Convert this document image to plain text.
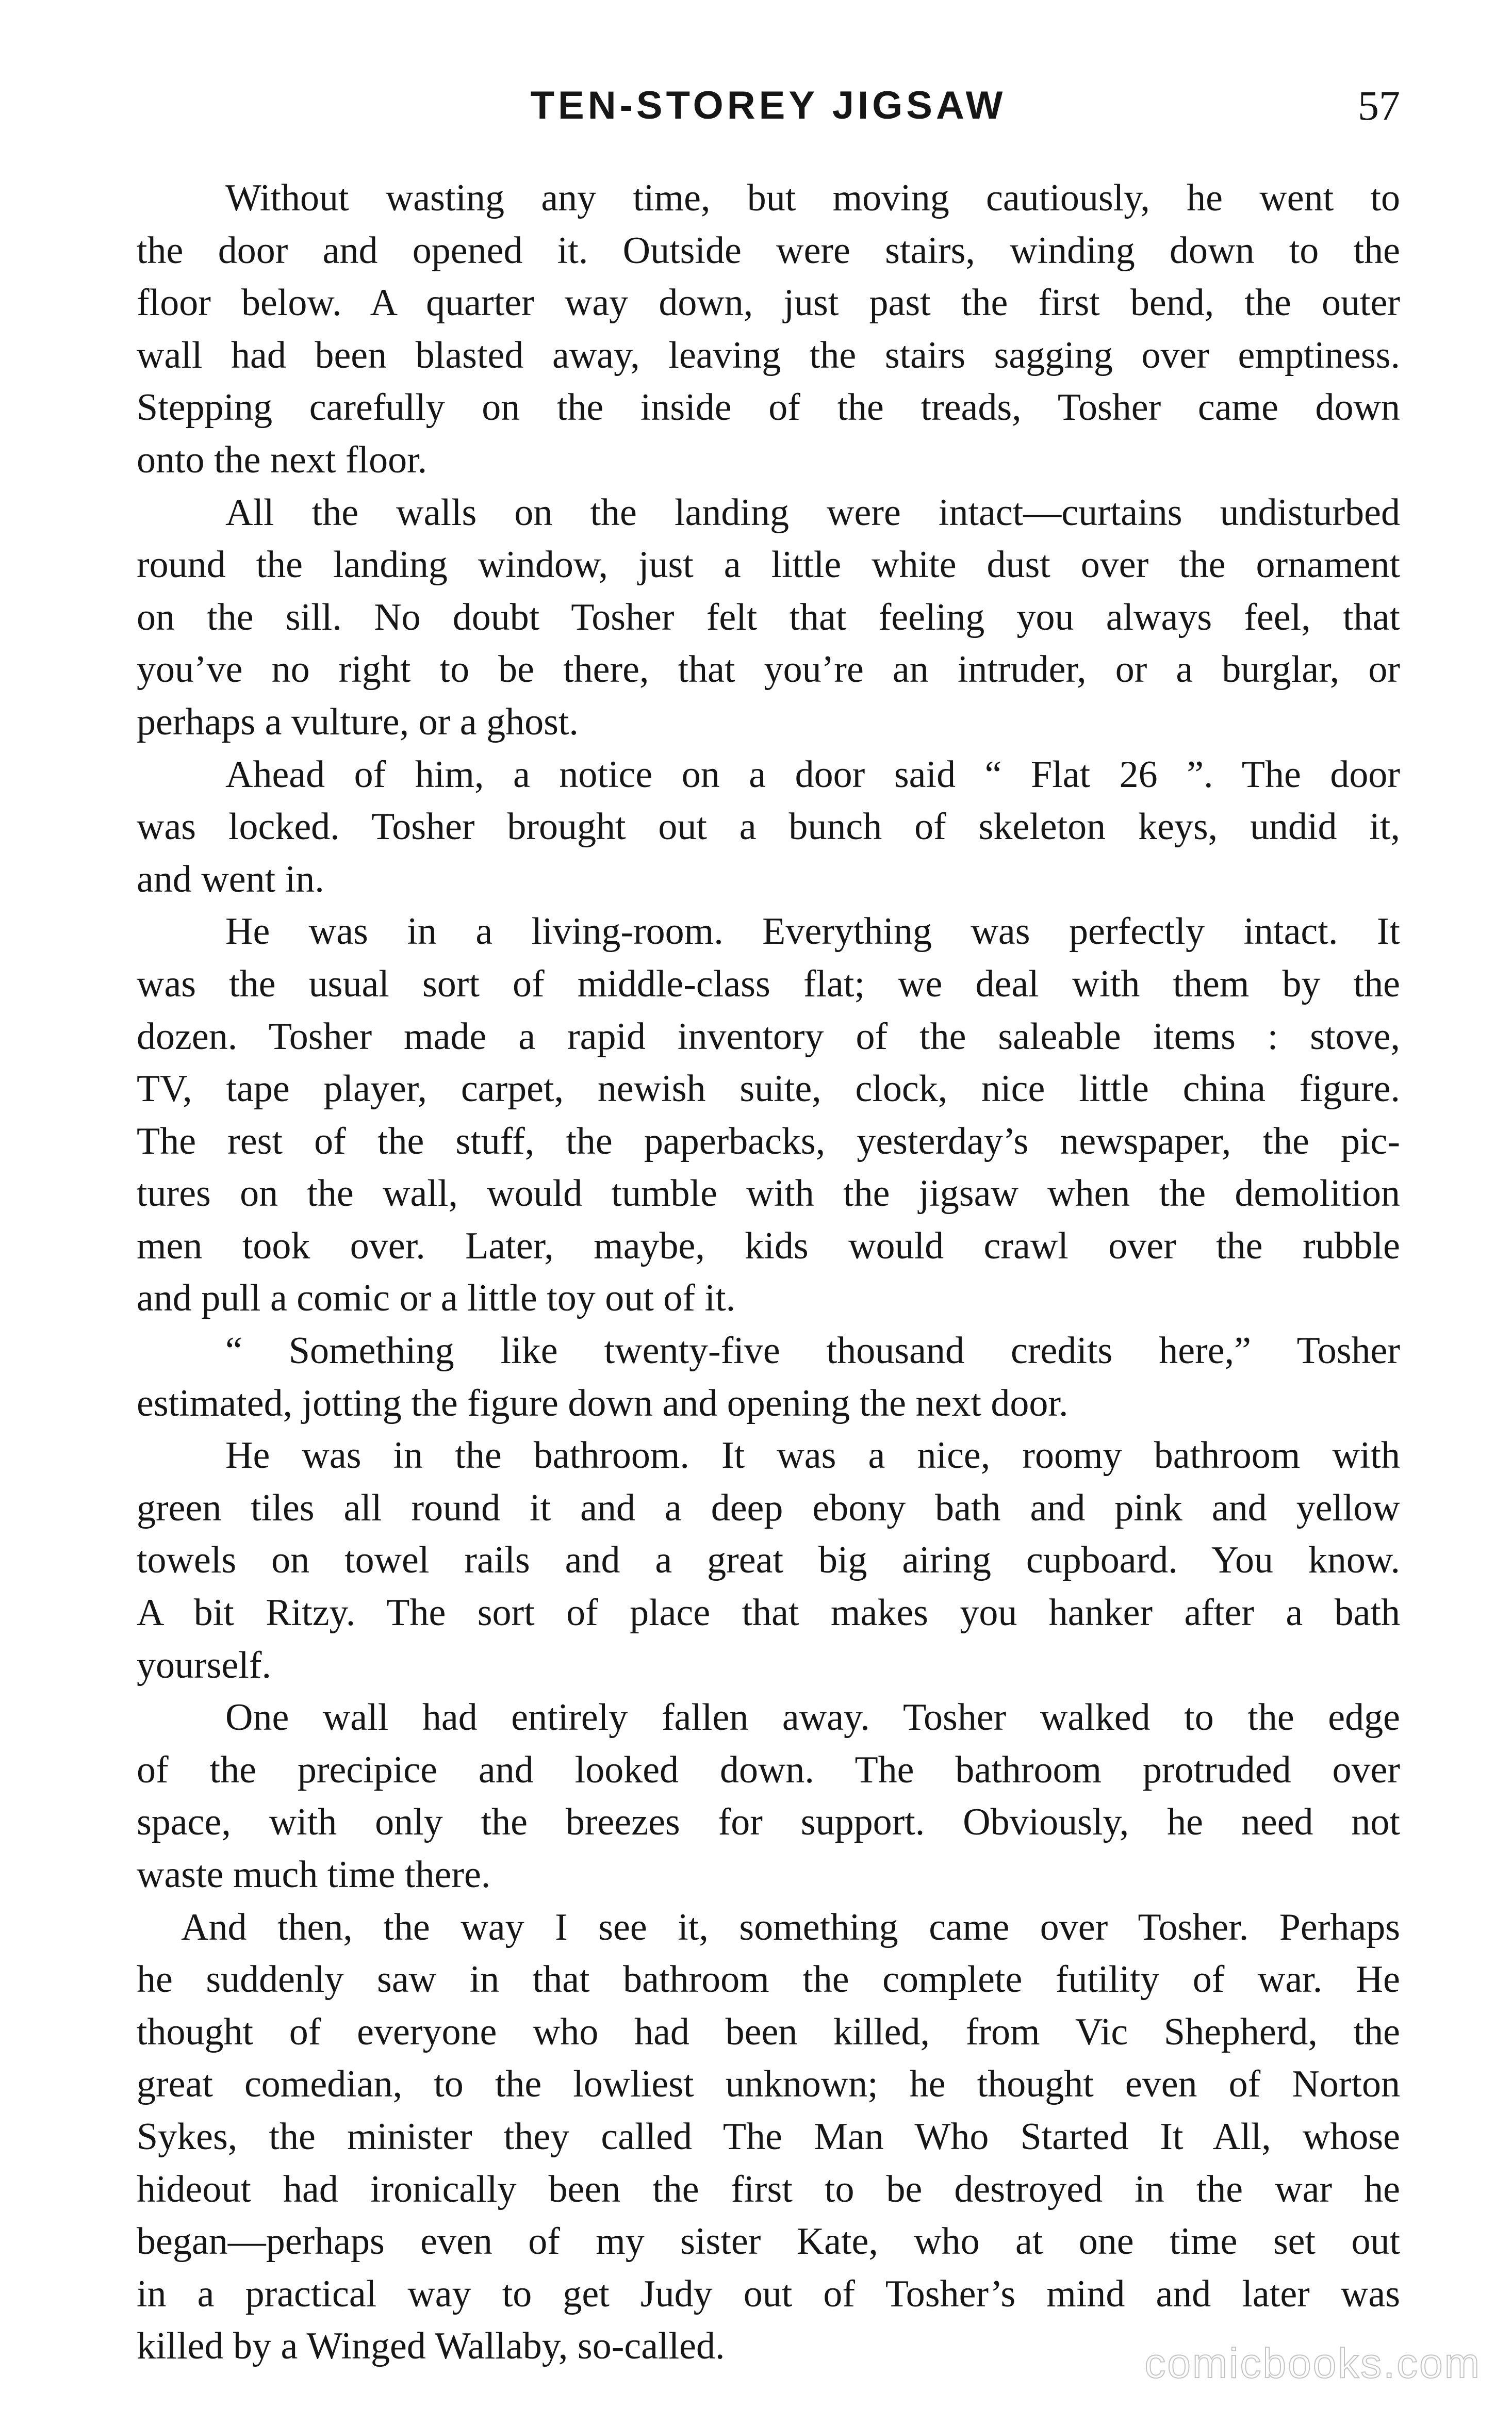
TEN-STOREY JIGSAW	57
Without wasting any time, but moving cautiously, he went to
the door and opened it. Outside were stairs, winding down to the
floor below. A quarter way down, just past the first bend, the outer
wall had been blasted away, leaving the stairs sagging over emptiness.
Stepping carefully on the inside of the treads, Tosher came down
onto the next floor.
All the walls on the landing were intact—curtains undisturbed
round the landing window, just a little white dust over the ornament
on the sill. No doubt Tosher felt that feeling you always feel, that
you’ve no right to be there, that you’re an intruder, or a burglar, or
perhaps a vulture, or a ghost.
Ahead of him, a notice on a door said “ Flat 26 ”. The door
was locked. Tosher brought out a bunch of skeleton keys, undid it,
and went in.
He was in a living-room. Everything was perfectly intact. It
was the usual sort of middle-class flat; we deal with them by the
dozen. Tosher made a rapid inventory of the saleable items : stove,
TV, tape player, carpet, newish suite, clock, nice little china figure.
The rest of the stuff, the paperbacks, yesterday’s newspaper, the pic-
tures on the wall, would tumble with the jigsaw when the demolition
men took over. Later, maybe, kids would crawl over the rubble
and pull a comic or a little toy out of it.
“ Something like twenty-five thousand credits here,” Tosher
estimated, jotting the figure down and opening the next door.
He was in the bathroom. It was a nice, roomy bathroom with
green tiles all round it and a deep ebony bath and pink and yellow
towels on towel rails and a great big airing cupboard. You know.
A bit Ritzy. The sort of place that makes you hanker after a bath
yourself.
One wall had entirely fallen away. Tosher walked to the edge
of the precipice and looked down. The bathroom protruded over
space, with only the breezes for support. Obviously, he need not
waste much time there.
And then, the way I see it, something came over Tosher. Perhaps
he suddenly saw in that bathroom the complete futility of war. He
thought of everyone who had been killed, from Vic Shepherd, the
great comedian, to the lowliest unknown; he thought even of Norton
Sykes, the minister they called The Man Who Started It All, whose
hideout had ironically been the first to be destroyed in the war he
began—perhaps even of my sister Kate, who at one time set out
in a practical way to get Judy out of Tosher’s mind and later was
killed by a Winged Wallaby, so-called.	comicbooks.com
